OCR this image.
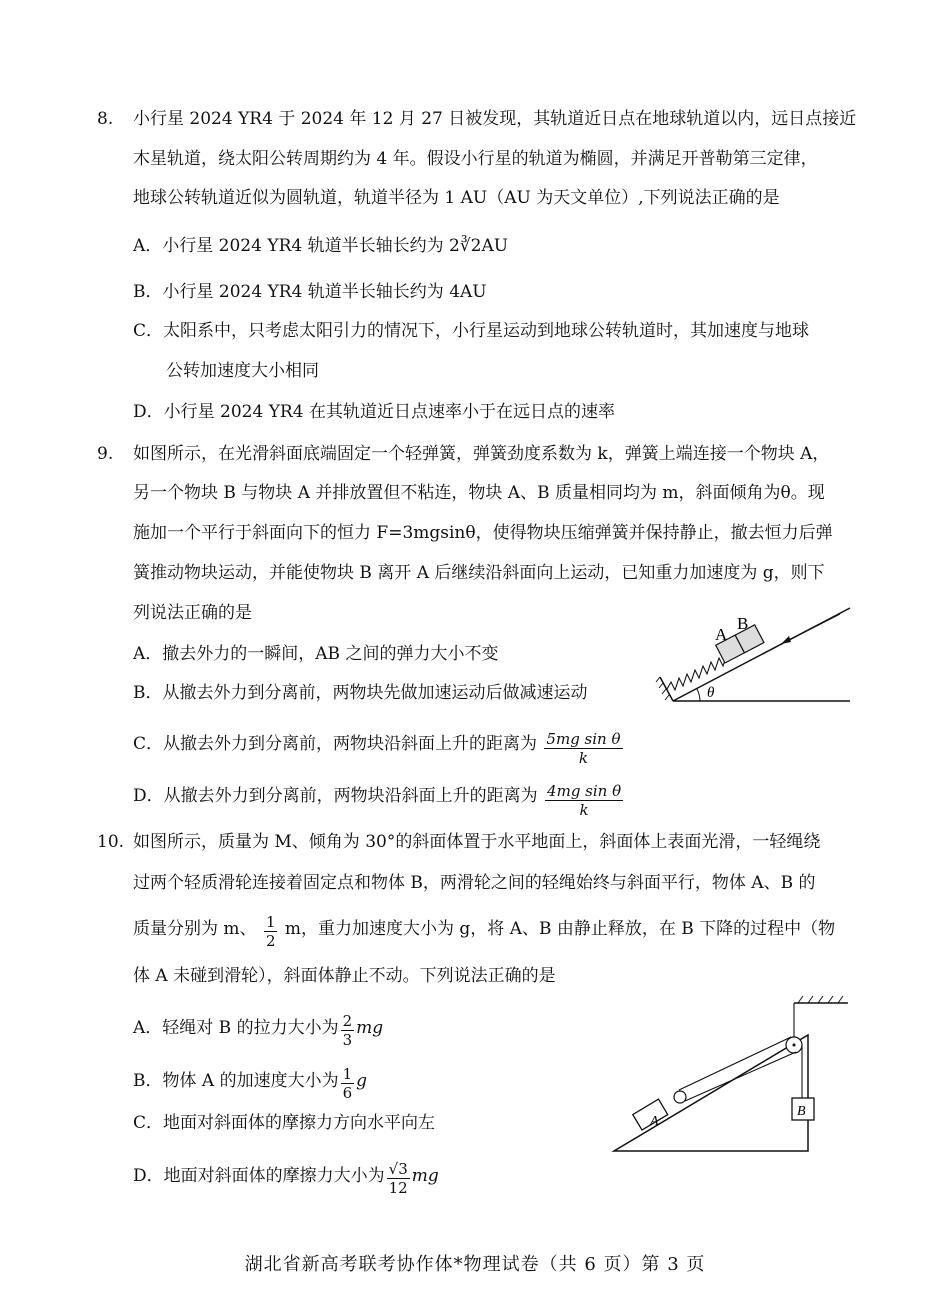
8. 小行星 2024 YR4 于 2024 年 12 月 27 日被发现，其轨道近日点在地球轨道以内，远日点接近
木星轨道，绕太阳公转周期约为 4 年。假设小行星的轨道为椭圆，并满足开普勒第三定律，
地球公转轨道近似为圆轨道，轨道半径为 1 AU（AU 为天文单位）,下列说法正确的是
A．小行星 2024 YR4 轨道半长轴长约为 2∛2AU
B．小行星 2024 YR4 轨道半长轴长约为 4AU
C．太阳系中，只考虑太阳引力的情况下，小行星运动到地球公转轨道时，其加速度与地球
公转加速度大小相同
D．小行星 2024 YR4 在其轨道近日点速率小于在远日点的速率
9. 如图所示，在光滑斜面底端固定一个轻弹簧，弹簧劲度系数为 k，弹簧上端连接一个物块 A，
另一个物块 B 与物块 A 并排放置但不粘连，物块 A、B 质量相同均为 m，斜面倾角为θ。现
施加一个平行于斜面向下的恒力 F=3mgsinθ，使得物块压缩弹簧并保持静止，撤去恒力后弹
簧推动物块运动，并能使物块 B 离开 A 后继续沿斜面向上运动，已知重力加速度为 g，则下
列说法正确的是
A．撤去外力的一瞬间，AB 之间的弹力大小不变
B．从撤去外力到分离前，两物块先做加速运动后做减速运动
C．从撤去外力到分离前，两物块沿斜面上升的距离为 $\frac{\text{5mg sin θ}}{k}$
D．从撤去外力到分离前，两物块沿斜面上升的距离为 $\frac{\text{4mg sin θ}}{k}$
A
B
θ
10. 如图所示，质量为 M、倾角为 30°的斜面体置于水平地面上，斜面体上表面光滑，一轻绳绕
过两个轻质滑轮连接着固定点和物体 B，两滑轮之间的轻绳始终与斜面平行，物体 A、B 的
质量分别为 m、 $\frac{1}{2}$ m，重力加速度大小为 g，将 A、B 由静止释放，在 B 下降的过程中（物
体 A 未碰到滑轮），斜面体静止不动。下列说法正确的是
A．轻绳对 B 的拉力大小为 $\frac{2}{3}$ mg
B．物体 A 的加速度大小为 $\frac{1}{6}$ g
C．地面对斜面体的摩擦力方向水平向左
D．地面对斜面体的摩擦力大小为 $\frac{√3}{12}$ mg
A
B
湖北省新高考联考协作体*物理试卷（共 6 页）第 3 页
